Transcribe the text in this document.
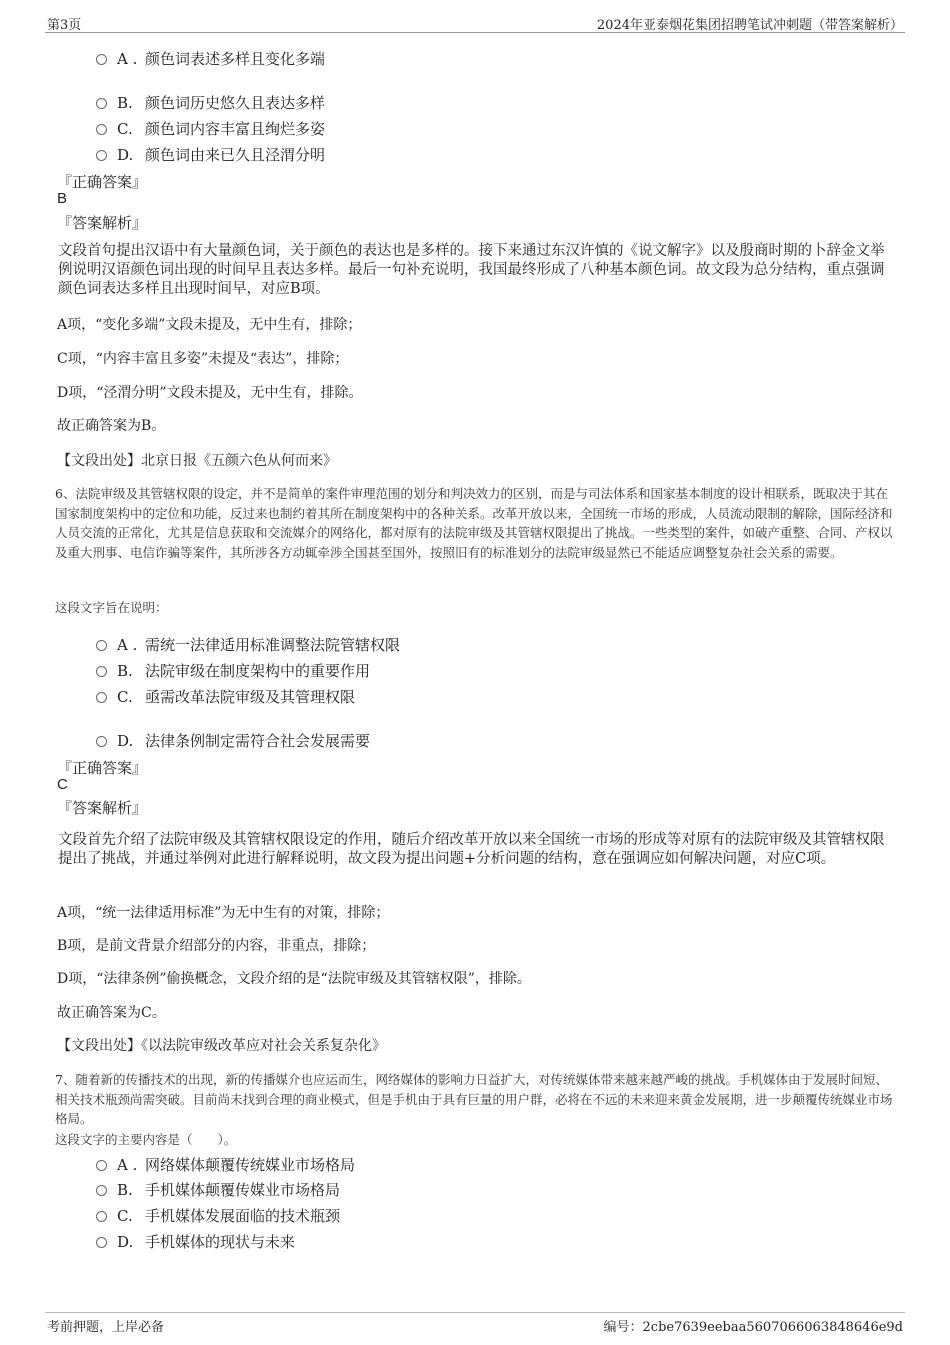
第3页	2024年亚泰烟花集团招聘笔试冲刺题（带答案解析）
A . 颜色词表述多样且变化多端
B. 颜色词历史悠久且表达多样
C. 颜色词内容丰富且绚烂多姿
D. 颜色词由来已久且泾渭分明
『正确答案』
B
『答案解析』
文段首句提出汉语中有大量颜色词，关于颜色的表达也是多样的。接下来通过东汉许慎的《说文解字》以及殷商时期的卜辞金文举例说明汉语颜色词出现的时间早且表达多样。最后一句补充说明，我国最终形成了八种基本颜色词。故文段为总分结构，重点强调颜色词表达多样且出现时间早，对应B项。
A项，“变化多端”文段未提及，无中生有，排除；
C项，“内容丰富且多姿”未提及“表达”，排除；
D项，“泾渭分明”文段未提及，无中生有，排除。
故正确答案为B。
【文段出处】北京日报《五颜六色从何而来》
6、法院审级及其管辖权限的设定，并不是简单的案件审理范围的划分和判决效力的区别，而是与司法体系和国家基本制度的设计相联系，既取决于其在国家制度架构中的定位和功能，反过来也制约着其所在制度架构中的各种关系。改革开放以来，全国统一市场的形成，人员流动限制的解除，国际经济和人员交流的正常化，尤其是信息获取和交流媒介的网络化，都对原有的法院审级及其管辖权限提出了挑战。一些类型的案件，如破产重整、合同、产权以及重大刑事、电信诈骗等案件，其所涉各方动辄牵涉全国甚至国外，按照旧有的标准划分的法院审级显然已不能适应调整复杂社会关系的需要。
这段文字旨在说明：
A . 需统一法律适用标准调整法院管辖权限
B. 法院审级在制度架构中的重要作用
C. 亟需改革法院审级及其管理权限
D. 法律条例制定需符合社会发展需要
『正确答案』
C
『答案解析』
文段首先介绍了法院审级及其管辖权限设定的作用，随后介绍改革开放以来全国统一市场的形成等对原有的法院审级及其管辖权限提出了挑战，并通过举例对此进行解释说明，故文段为提出问题+分析问题的结构，意在强调应如何解决问题，对应C项。
A项，“统一法律适用标准”为无中生有的对策，排除；
B项，是前文背景介绍部分的内容，非重点，排除；
D项，“法律条例”偷换概念，文段介绍的是“法院审级及其管辖权限”，排除。
故正确答案为C。
【文段出处】《以法院审级改革应对社会关系复杂化》
7、随着新的传播技术的出现，新的传播媒介也应运而生，网络媒体的影响力日益扩大，对传统媒体带来越来越严峻的挑战。手机媒体由于发展时间短、相关技术瓶颈尚需突破。目前尚未找到合理的商业模式，但是手机由于具有巨量的用户群，必将在不远的未来迎来黄金发展期，进一步颠覆传统媒业市场格局。
这段文字的主要内容是（　　）。
A . 网络媒体颠覆传统媒业市场格局
B. 手机媒体颠覆传媒业市场格局
C. 手机媒体发展面临的技术瓶颈
D. 手机媒体的现状与未来
考前押题，上岸必备	编号：2cbe7639eebaa5607066063848646e9d
